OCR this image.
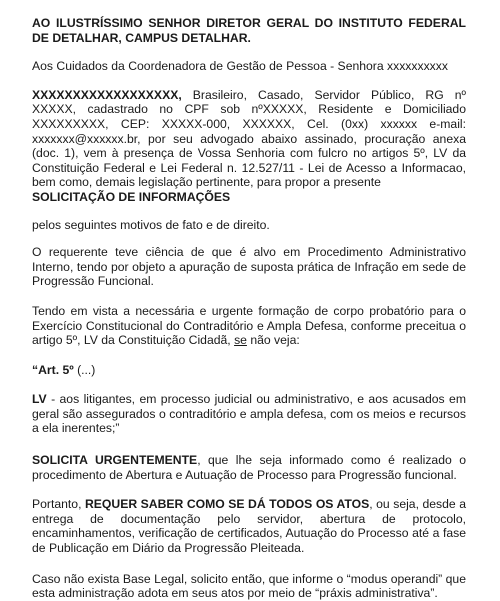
AO ILUSTRÍSSIMO SENHOR DIRETOR GERAL DO INSTITUTO FEDERAL DE DETALHAR, CAMPUS DETALHAR.

Aos Cuidados da Coordenadora de Gestão de Pessoa - Senhora xxxxxxxxxx

XXXXXXXXXXXXXXXXXX, Brasileiro, Casado, Servidor Público, RG nº XXXXX, cadastrado no CPF sob nºXXXXX, Residente e Domiciliado XXXXXXXXX, CEP: XXXXX-000, XXXXXX, Cel. (0xx) xxxxxx e-mail: xxxxxxx@xxxxxx.br, por seu advogado abaixo assinado, procuração anexa (doc. 1), vem à presença de Vossa Senhoria com fulcro no artigos 5º, LV da Constituição Federal e Lei Federal n. 12.527/11 - Lei de Acesso a Informacao, bem como, demais legislação pertinente, para propor a presente

SOLICITAÇÃO DE INFORMAÇÕES

pelos seguintes motivos de fato e de direito.

O requerente teve ciência de que é alvo em Procedimento Administrativo Interno, tendo por objeto a apuração de suposta prática de Infração em sede de Progressão Funcional.

Tendo em vista a necessária e urgente formação de corpo probatório para o Exercício Constitucional do Contraditório e Ampla Defesa, conforme preceitua o artigo 5º, LV da Constituição Cidadã, se não veja:

“Art. 5º (...)

LV - aos litigantes, em processo judicial ou administrativo, e aos acusados em geral são assegurados o contraditório e ampla defesa, com os meios e recursos a ela inerentes;”

SOLICITA URGENTEMENTE, que lhe seja informado como é realizado o procedimento de Abertura e Autuação de Processo para Progressão funcional.

Portanto, REQUER SABER COMO SE DÁ TODOS OS ATOS, ou seja, desde a entrega de documentação pelo servidor, abertura de protocolo, encaminhamentos, verificação de certificados, Autuação do Processo até a fase de Publicação em Diário da Progressão Pleiteada.

Caso não exista Base Legal, solicito então, que informe o “modus operandi” que esta administração adota em seus atos por meio de “práxis administrativa”.
